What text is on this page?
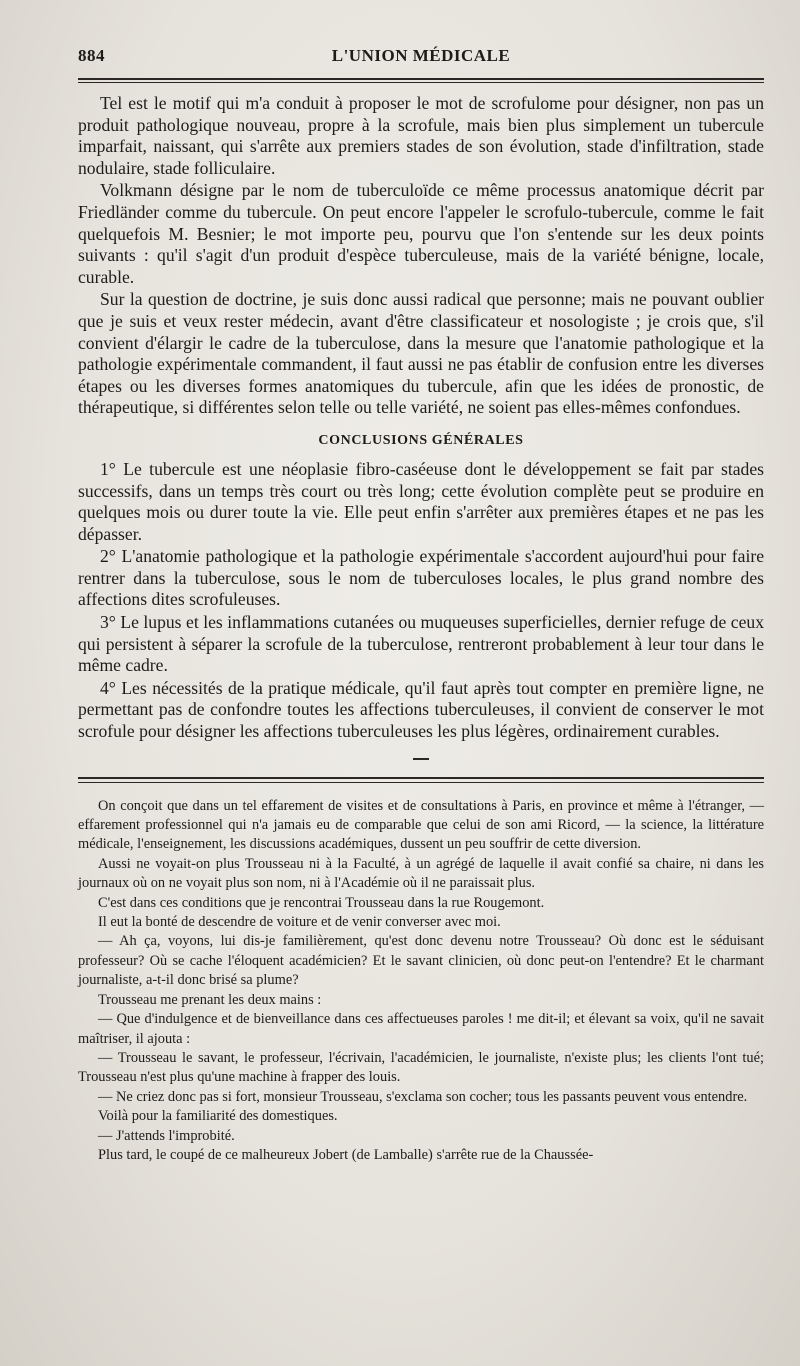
884	L'UNION MÉDICALE

Tel est le motif qui m'a conduit à proposer le mot de scrofulome pour désigner, non pas un produit pathologique nouveau, propre à la scrofule, mais bien plus simplement un tubercule imparfait, naissant, qui s'arrête aux premiers stades de son évolution, stade d'infiltration, stade nodulaire, stade folliculaire.

Volkmann désigne par le nom de tuberculoïde ce même processus anatomique décrit par Friedländer comme du tubercule. On peut encore l'appeler le scrofulo-tubercule, comme le fait quelquefois M. Besnier; le mot importe peu, pourvu que l'on s'entende sur les deux points suivants : qu'il s'agit d'un produit d'espèce tuberculeuse, mais de la variété bénigne, locale, curable.

Sur la question de doctrine, je suis donc aussi radical que personne; mais ne pouvant oublier que je suis et veux rester médecin, avant d'être classificateur et nosologiste ; je crois que, s'il convient d'élargir le cadre de la tuberculose, dans la mesure que l'anatomie pathologique et la pathologie expérimentale commandent, il faut aussi ne pas établir de confusion entre les diverses étapes ou les diverses formes anatomiques du tubercule, afin que les idées de pronostic, de thérapeutique, si différentes selon telle ou telle variété, ne soient pas elles-mêmes confondues.

CONCLUSIONS GÉNÉRALES

1° Le tubercule est une néoplasie fibro-caséeuse dont le développement se fait par stades successifs, dans un temps très court ou très long; cette évolution complète peut se produire en quelques mois ou durer toute la vie. Elle peut enfin s'arrêter aux premières étapes et ne pas les dépasser.

2° L'anatomie pathologique et la pathologie expérimentale s'accordent aujourd'hui pour faire rentrer dans la tuberculose, sous le nom de tuberculoses locales, le plus grand nombre des affections dites scrofuleuses.

3° Le lupus et les inflammations cutanées ou muqueuses superficielles, dernier refuge de ceux qui persistent à séparer la scrofule de la tuberculose, rentreront probablement à leur tour dans le même cadre.

4° Les nécessités de la pratique médicale, qu'il faut après tout compter en première ligne, ne permettant pas de confondre toutes les affections tuberculeuses, il convient de conserver le mot scrofule pour désigner les affections tuberculeuses les plus légères, ordinairement curables.

On conçoit que dans un tel effarement de visites et de consultations à Paris, en province et même à l'étranger, — effarement professionnel qui n'a jamais eu de comparable que celui de son ami Ricord, — la science, la littérature médicale, l'enseignement, les discussions académiques, dussent un peu souffrir de cette diversion.

Aussi ne voyait-on plus Trousseau ni à la Faculté, à un agrégé de laquelle il avait confié sa chaire, ni dans les journaux où on ne voyait plus son nom, ni à l'Académie où il ne paraissait plus.

C'est dans ces conditions que je rencontrai Trousseau dans la rue Rougemont.

Il eut la bonté de descendre de voiture et de venir converser avec moi.

— Ah ça, voyons, lui dis-je familièrement, qu'est donc devenu notre Trousseau? Où donc est le séduisant professeur? Où se cache l'éloquent académicien? Et le savant clinicien, où donc peut-on l'entendre? Et le charmant journaliste, a-t-il donc brisé sa plume?

Trousseau me prenant les deux mains :

— Que d'indulgence et de bienveillance dans ces affectueuses paroles ! me dit-il; et élevant sa voix, qu'il ne savait maîtriser, il ajouta :

— Trousseau le savant, le professeur, l'écrivain, l'académicien, le journaliste, n'existe plus; les clients l'ont tué; Trousseau n'est plus qu'une machine à frapper des louis.

— Ne criez donc pas si fort, monsieur Trousseau, s'exclama son cocher; tous les passants peuvent vous entendre.

Voilà pour la familiarité des domestiques.

— J'attends l'improbité.

Plus tard, le coupé de ce malheureux Jobert (de Lamballe) s'arrête rue de la Chaussée-
